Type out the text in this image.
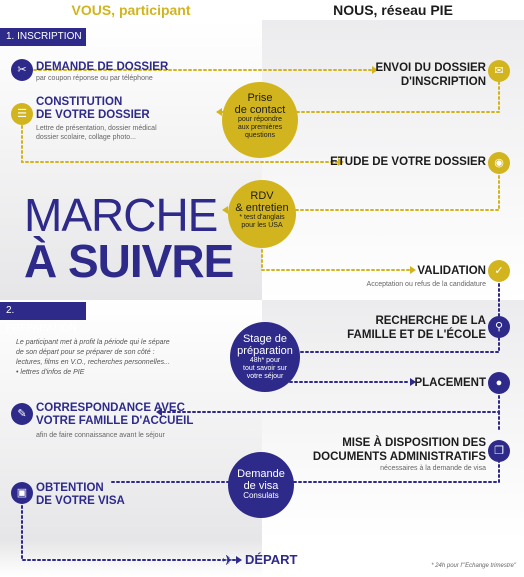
VOUS, participant	NOUS, réseau PIE
1. INSCRIPTION
2. PRÉPARATION
✂ DEMANDE DE DOSSIER
par coupon réponse ou par téléphone
ENVOI DU DOSSIER
D'INSCRIPTION
✉
☰
CONSTITUTION
DE VOTRE DOSSIER
Lettre de présentation, dossier médical
dossier scolaire, collage photo...
Prise
de contact
pour répondre
aux premières
questions
ETUDE DE VOTRE DOSSIER ◉
MARCHE
À SUIVRE
RDV
& entretien
* test d'anglais
pour les USA
VALIDATION
Acceptation ou refus de la candidature
✓
Le participant met à profit la période qui le sépare
de son départ pour se préparer de son côté :
lectures, films en V.O., recherches personnelles...
• lettres d'infos de PIE
RECHERCHE DE LA
FAMILLE ET DE L'ÉCOLE
⚲
Stage de
préparation
48h* pour
tout savoir sur
votre séjour
PLACEMENT ●
✎ CORRESPONDANCE AVEC
VOTRE FAMILLE D'ACCUEIL
afin de faire connaissance avant le séjour
MISE À DISPOSITION DES
DOCUMENTS ADMINISTRATIFS
nécessaires à la demande de visa
❐
Demande
de visa
Consulats
▣ OBTENTION
DE VOTRE VISA
DÉPART
✈	* 24h pour l'"Echange trimestre"
